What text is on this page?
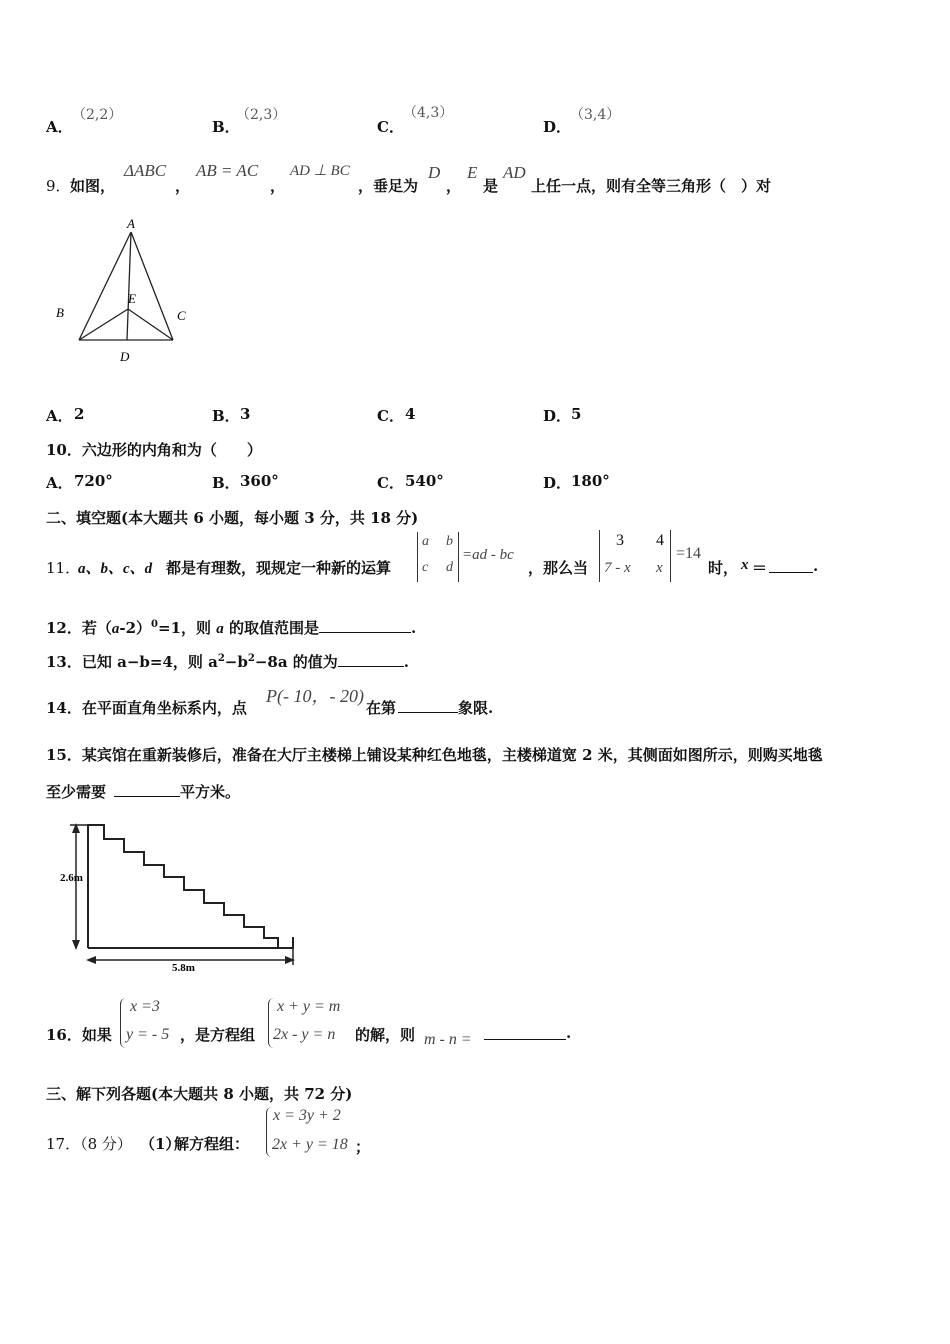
A．
（2,2）
B．
（2,3）
C．
（4,3）
D．
（3,4）
9． 如图，
ΔABC
，
AB = AC
，
AD ⊥ BC
，垂足为
D
，
E
是
AD
上任一点，则有全等三角形（　）对
A
B	C
D
E
A． 2	B． 3	C． 4	D． 5
10．六边形的内角和为（　　）
A． 720°	B． 360°	C． 540°	D． 180°
二、填空题(本大题共 6 小题，每小题 3 分，共 18 分)
11．
a、b、c、d 都是有理数，现规定一种新的运算
a b
c d
=ad - bc
，那么当
3 4
7 - x x
=14
时， x ＝	.
12．若$(a-2)^0=1$，则 a 的取值范围是	.
13．已知 a−b=4，则 $a^2-b^2-8a$ 的值为	.
14．在平面直角坐标系内，点
P(- 10，- 20)
在第	象限.
15．某宾馆在重新装修后，准备在大厅主楼梯上铺设某种红色地毯，主楼梯道宽 2 米，其侧面如图所示，则购买地毯
至少需要	平方米。
2.6m
5.8m
16．如果
x =3
y = - 5 ，是方程组
x + y = m
2x - y = n 的解，则 m - n =	.
三、解下列各题(本大题共 8 小题，共 72 分)
17．（8 分） （1）
解方程组：
x = 3y + 2
2x + y = 18 ；
